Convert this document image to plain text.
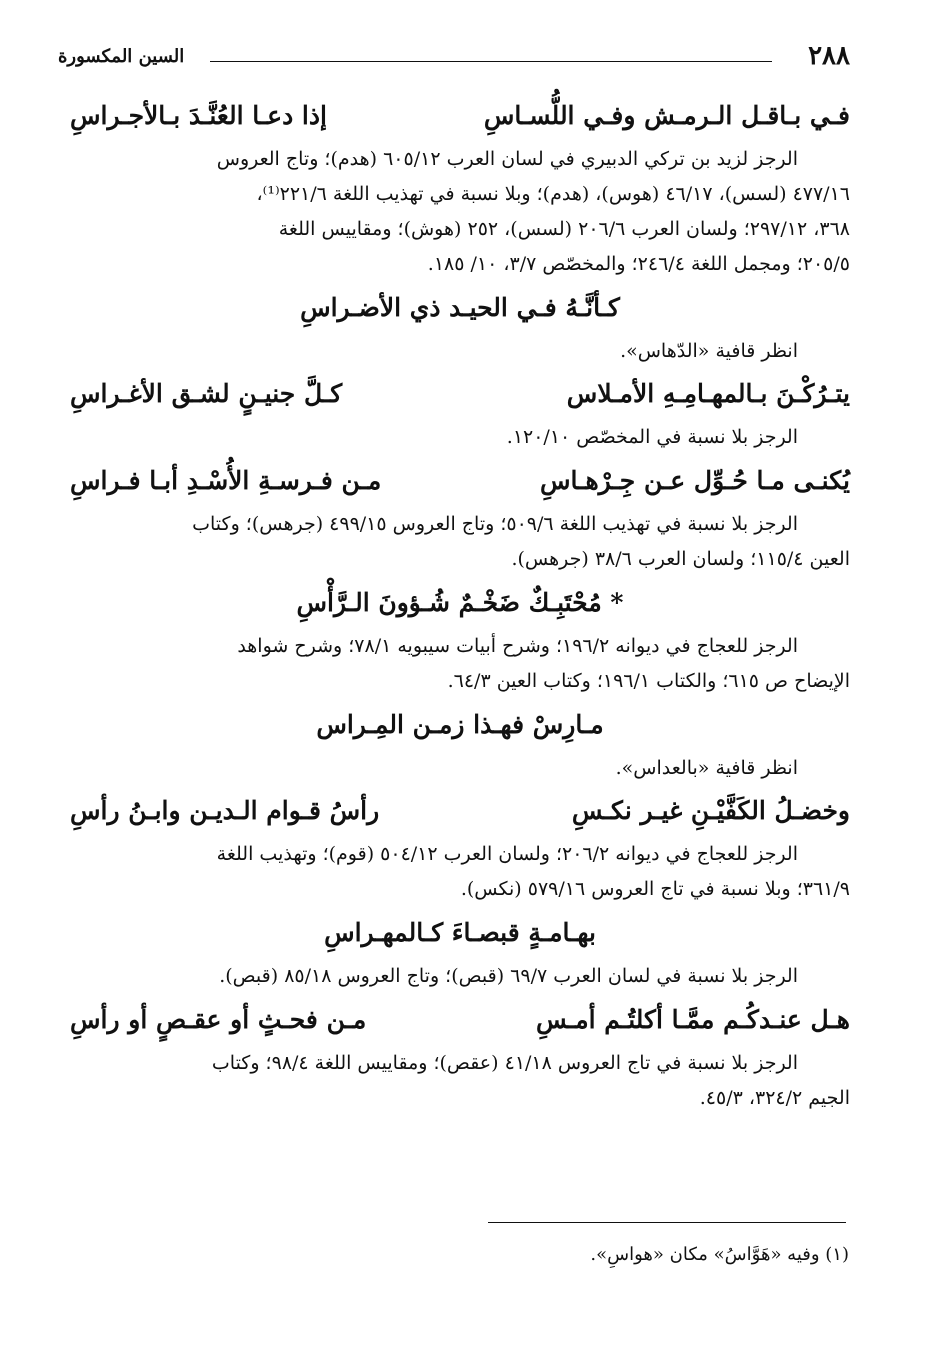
٢٨٨
السين المكسورة
فـي بـاقـل الـرمـش وفـي اللُّسـاسِ
إذا دعـا العُنَّـدَ بـالأجـراسِ
الرجز لزيد بن تركي الدبيري في لسان العرب ٦٠٥/١٢ (هدم)؛ وتاج العروس
٤٧٧/١٦ (لسس)، ٤٦/١٧ (هوس)، (هدم)؛ وبلا نسبة في تهذيب اللغة ٢٢١/٦⁽¹⁾،
٣٦٨، ٢٩٧/١٢؛ ولسان العرب ٢٠٦/٦ (لسس)، ٢٥٢ (هوش)؛ ومقاييس اللغة
٢٠٥/٥؛ ومجمل اللغة ٢٤٦/٤؛ والمخصّص ٣/٧، ١٠/ ١٨٥.
كـأنَّـهُ فـي الحيـد ذي الأضـراسِ
انظر قافية «الدّهاس».
يتـرُكْـنَ بـالمهـامِـهِ الأمـلاس
كـلَّ جنيـنٍ لشـق الأغـراسِ
الرجز بلا نسبة في المخصّص ١٢٠/١٠.
يُكنـى مـا حُـوِّل عـن جِـرْهـاسِ
مـن فـرسـةِ الأُسْـدِ أبـا فـراسِ
الرجز بلا نسبة في تهذيب اللغة ٥٠٩/٦؛ وتاج العروس ٤٩٩/١٥ (جرهس)؛ وكتاب
العين ١١٥/٤؛ ولسان العرب ٣٨/٦ (جرهس).
* مُحْتَبِـكٌ ضَخْـمٌ شُـؤونَ الـرَّأْسِ
الرجز للعجاج في ديوانه ١٩٦/٢؛ وشرح أبيات سيبويه ٧٨/١؛ وشرح شواهد
الإيضاح ص ٦١٥؛ والكتاب ١٩٦/١؛ وكتاب العين ٦٤/٣.
مـارِسْ فهـذا زمـن المِـراس
انظر قافية «بالعداس».
وخضـلُ الكَفَّيْـنِ غيـر نكـسِ
رأسُ قـوام الـديـن وابـنُ رأسِ
الرجز للعجاج في ديوانه ٢٠٦/٢؛ ولسان العرب ٥٠٤/١٢ (قوم)؛ وتهذيب اللغة
٣٦١/٩؛ وبلا نسبة في تاج العروس ٥٧٩/١٦ (نكس).
بهـامـةٍ قبصـاءَ كـالمهـراسِ
الرجز بلا نسبة في لسان العرب ٦٩/٧ (قبص)؛ وتاج العروس ٨٥/١٨ (قبص).
هـل عنـدكُـم ممَّـا أكلتُـم أمـسِ
مـن فحـثٍ أو عقـصٍ أو رأسِ
الرجز بلا نسبة في تاج العروس ٤١/١٨ (عقص)؛ ومقاييس اللغة ٩٨/٤؛ وكتاب
الجيم ٣٢٤/٢، ٤٥/٣.
(١) وفيه «هَوَّاسُ» مكان «هواسِ».
